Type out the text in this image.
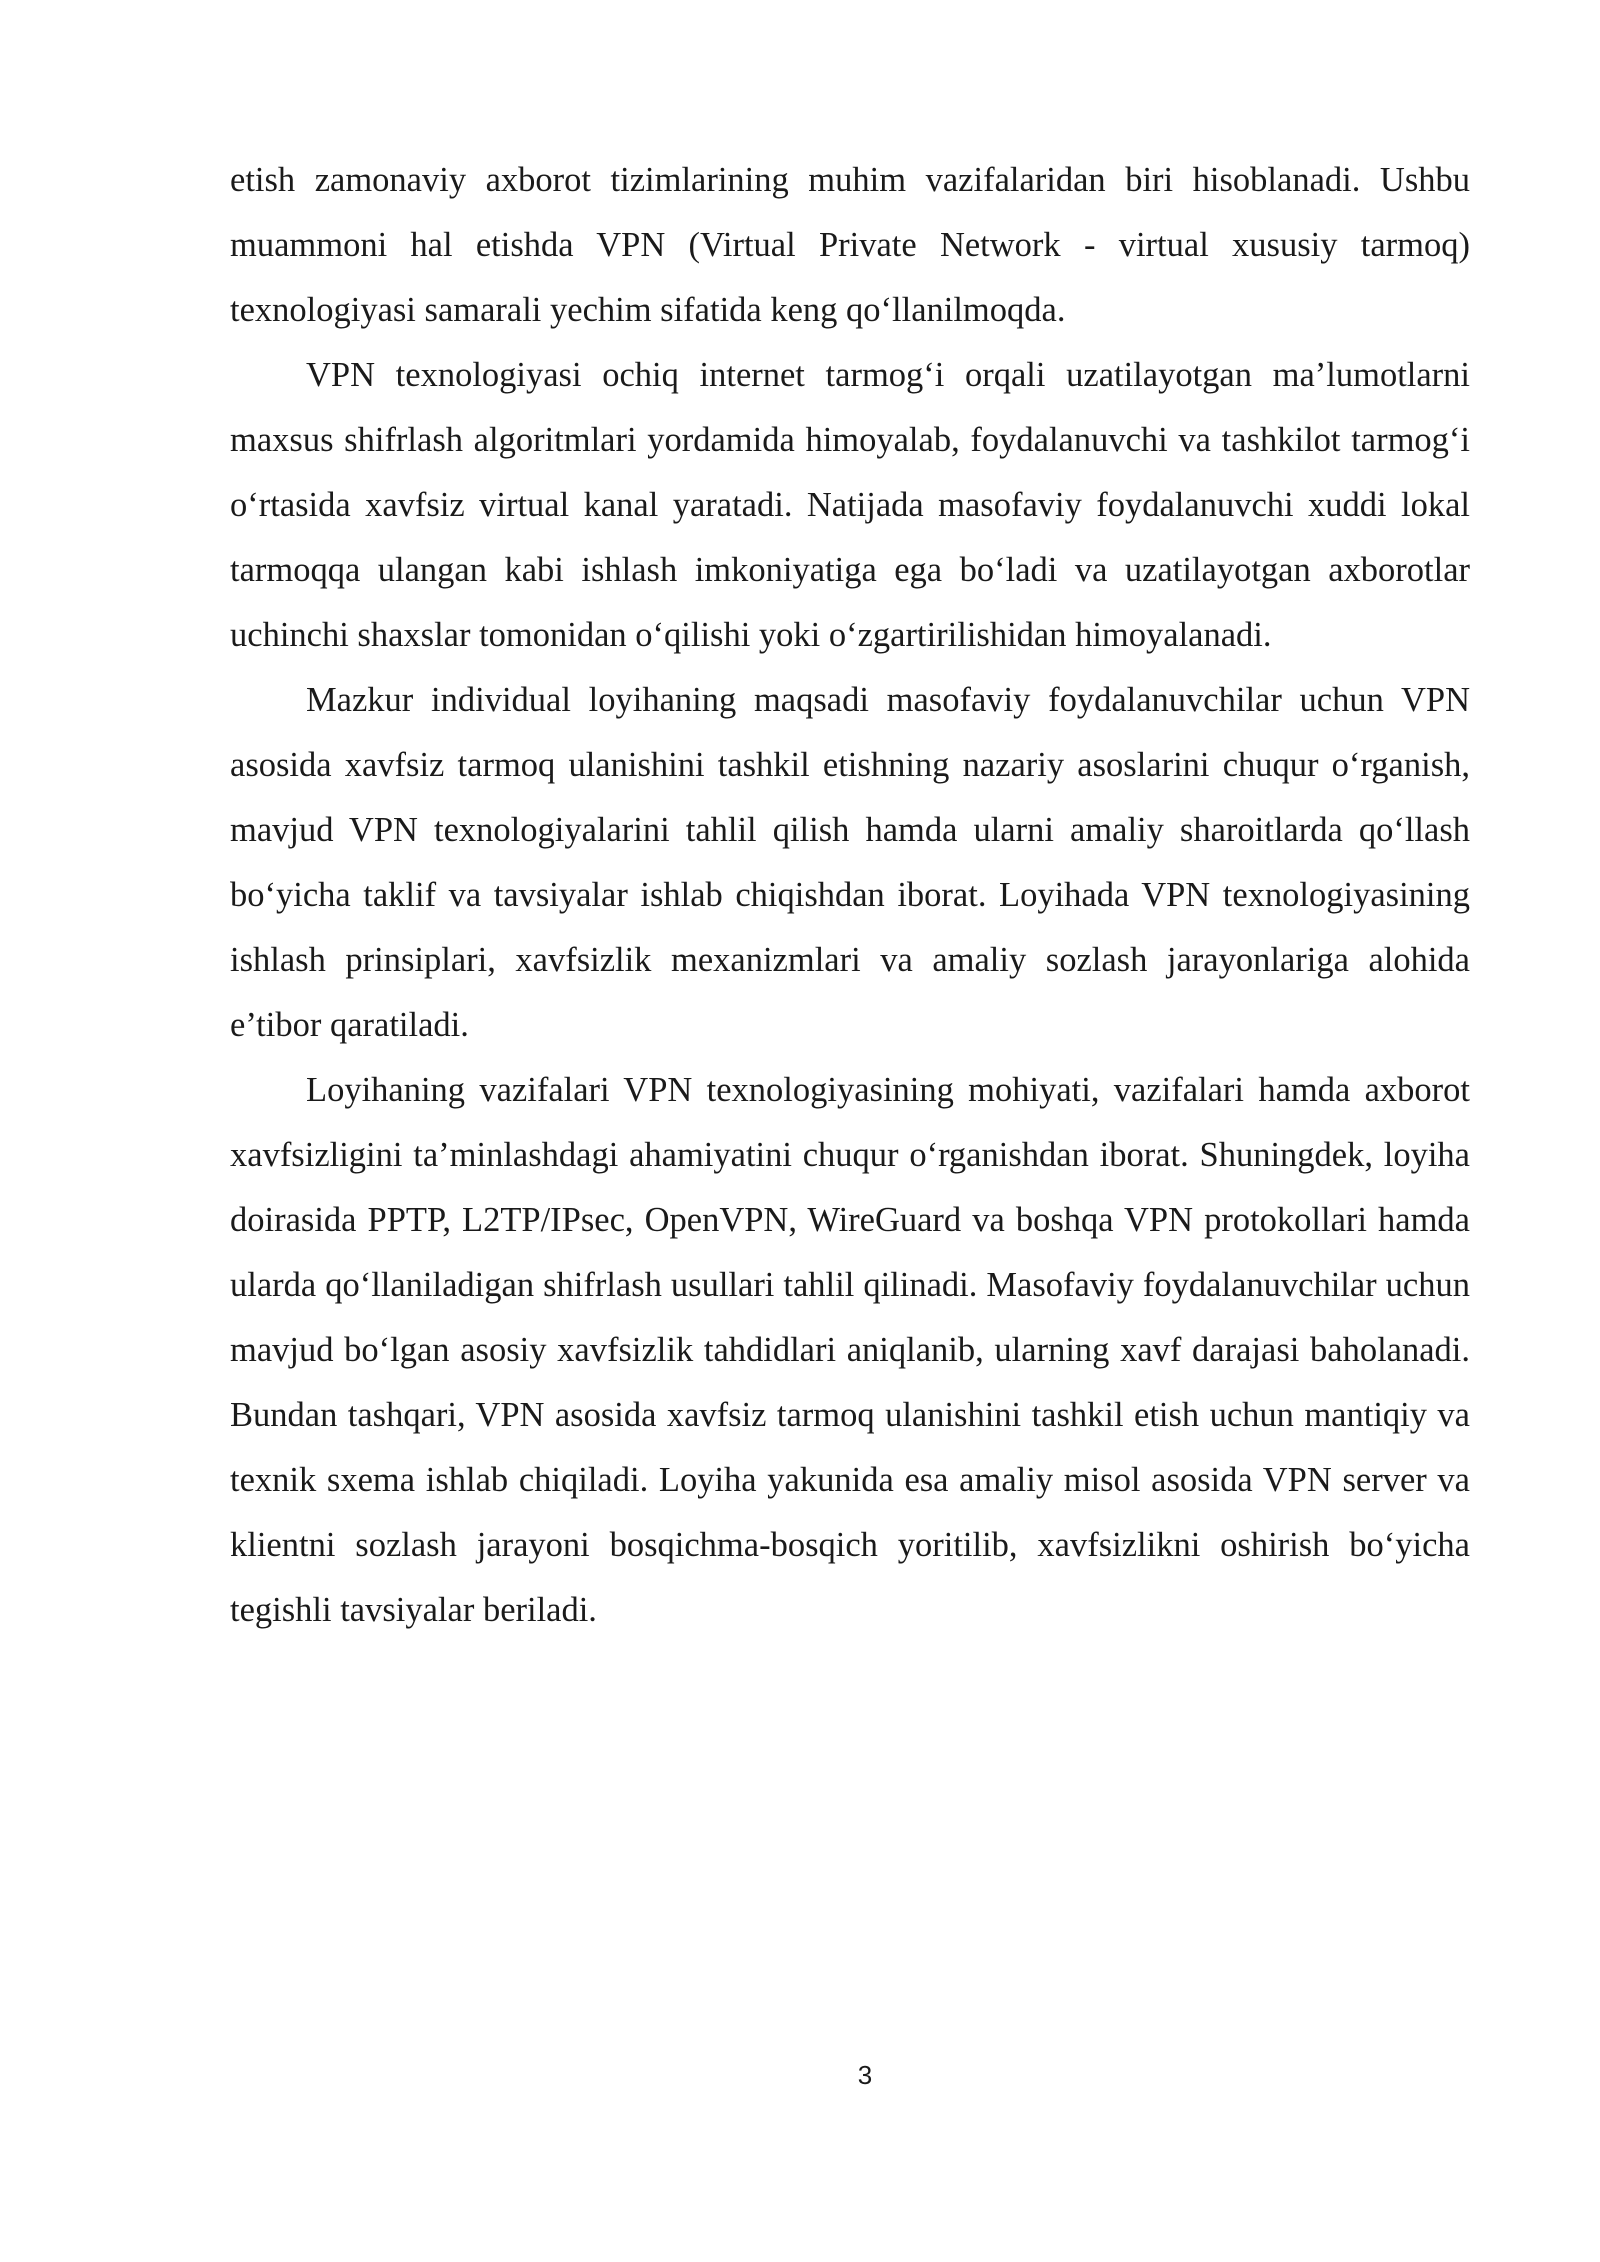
etish zamonaviy axborot tizimlarining muhim vazifalaridan biri hisoblanadi. Ushbu muammoni hal etishda VPN (Virtual Private Network - virtual xususiy tarmoq) texnologiyasi samarali yechim sifatida keng qo‘llanilmoqda.

VPN texnologiyasi ochiq internet tarmog‘i orqali uzatilayotgan ma’lumotlarni maxsus shifrlash algoritmlari yordamida himoyalab, foydalanuvchi va tashkilot tarmog‘i o‘rtasida xavfsiz virtual kanal yaratadi. Natijada masofaviy foydalanuvchi xuddi lokal tarmoqqa ulangan kabi ishlash imkoniyatiga ega bo‘ladi va uzatilayotgan axborotlar uchinchi shaxslar tomonidan o‘qilishi yoki o‘zgartirilishidan himoyalanadi.

Mazkur individual loyihaning maqsadi masofaviy foydalanuvchilar uchun VPN asosida xavfsiz tarmoq ulanishini tashkil etishning nazariy asoslarini chuqur o‘rganish, mavjud VPN texnologiyalarini tahlil qilish hamda ularni amaliy sharoitlarda qo‘llash bo‘yicha taklif va tavsiyalar ishlab chiqishdan iborat. Loyihada VPN texnologiyasining ishlash prinsiplari, xavfsizlik mexanizmlari va amaliy sozlash jarayonlariga alohida e’tibor qaratiladi.

Loyihaning vazifalari VPN texnologiyasining mohiyati, vazifalari hamda axborot xavfsizligini ta’minlashdagi ahamiyatini chuqur o‘rganishdan iborat. Shuningdek, loyiha doirasida PPTP, L2TP/IPsec, OpenVPN, WireGuard va boshqa VPN protokollari hamda ularda qo‘llaniladigan shifrlash usullari tahlil qilinadi. Masofaviy foydalanuvchilar uchun mavjud bo‘lgan asosiy xavfsizlik tahdidlari aniqlanib, ularning xavf darajasi baholanadi. Bundan tashqari, VPN asosida xavfsiz tarmoq ulanishini tashkil etish uchun mantiqiy va texnik sxema ishlab chiqiladi. Loyiha yakunida esa amaliy misol asosida VPN server va klientni sozlash jarayoni bosqichma-bosqich yoritilib, xavfsizlikni oshirish bo‘yicha tegishli tavsiyalar beriladi.

3
